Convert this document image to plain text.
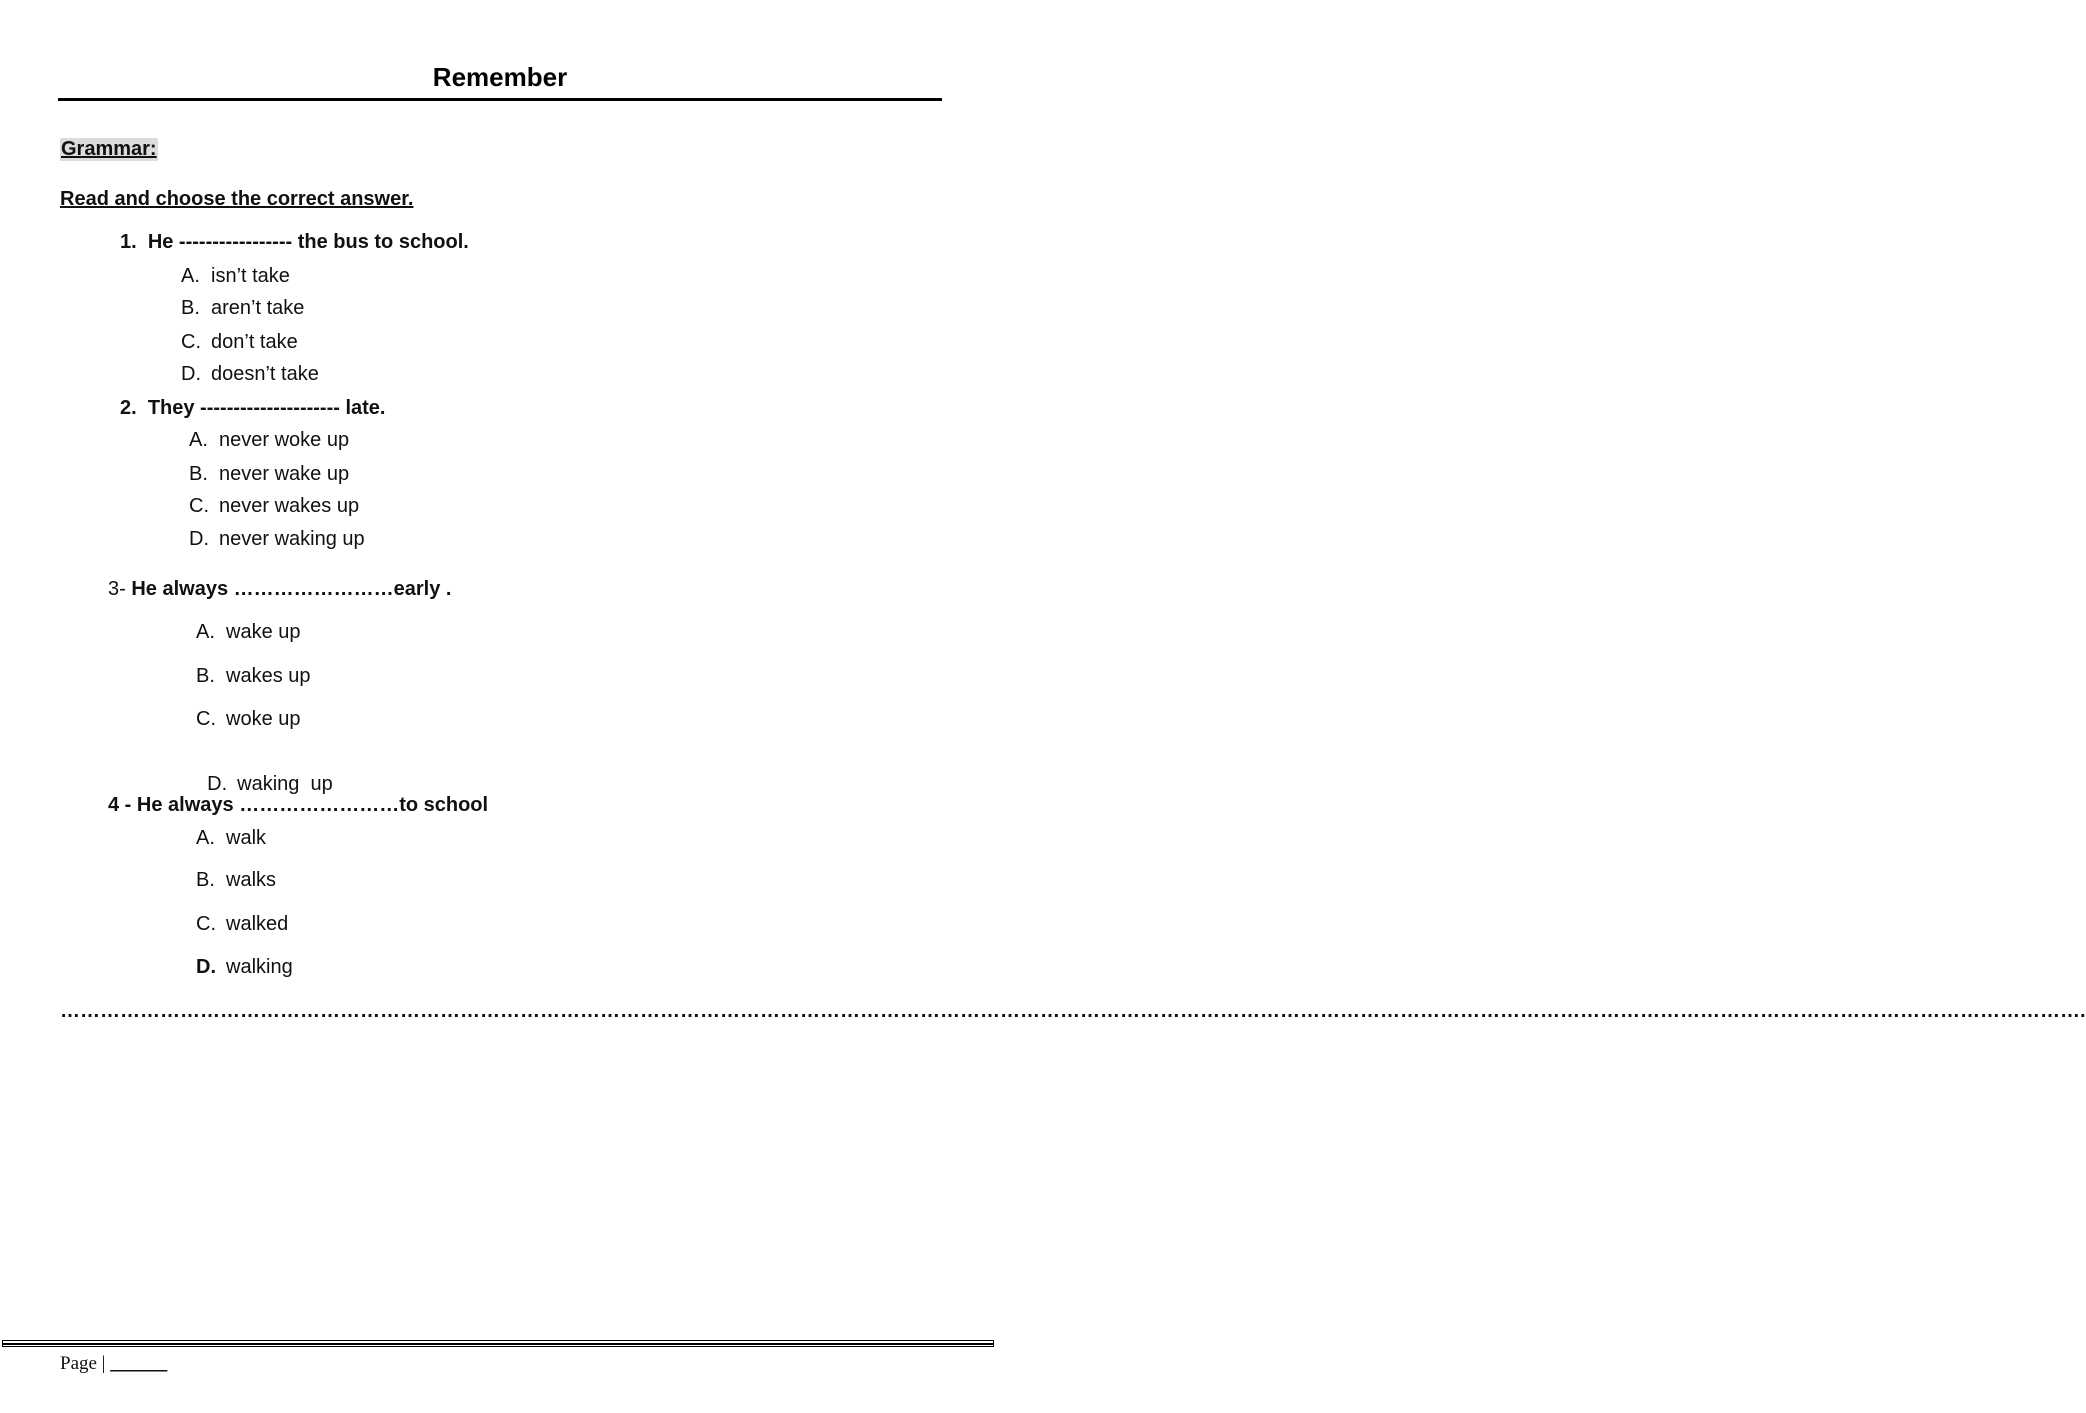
Remember
Grammar:
Read and choose the correct answer.
1. He ----------------- the bus to school.
A. isn’t take
B. aren’t take
C. don’t take
D. doesn’t take
2. They --------------------- late.
A. never woke up
B. never wake up
C. never wakes up
D. never waking up
3- He always ……………………early .
A. wake up
B. wakes up
C. woke up

D. waking  up

4 - He always ……………………to school
A. walk
B. walks
C. walked
D. walking
…………………………………………………………………………………………………………………………………………………………………………………………………………………………………………………………………………….
Page | ______
